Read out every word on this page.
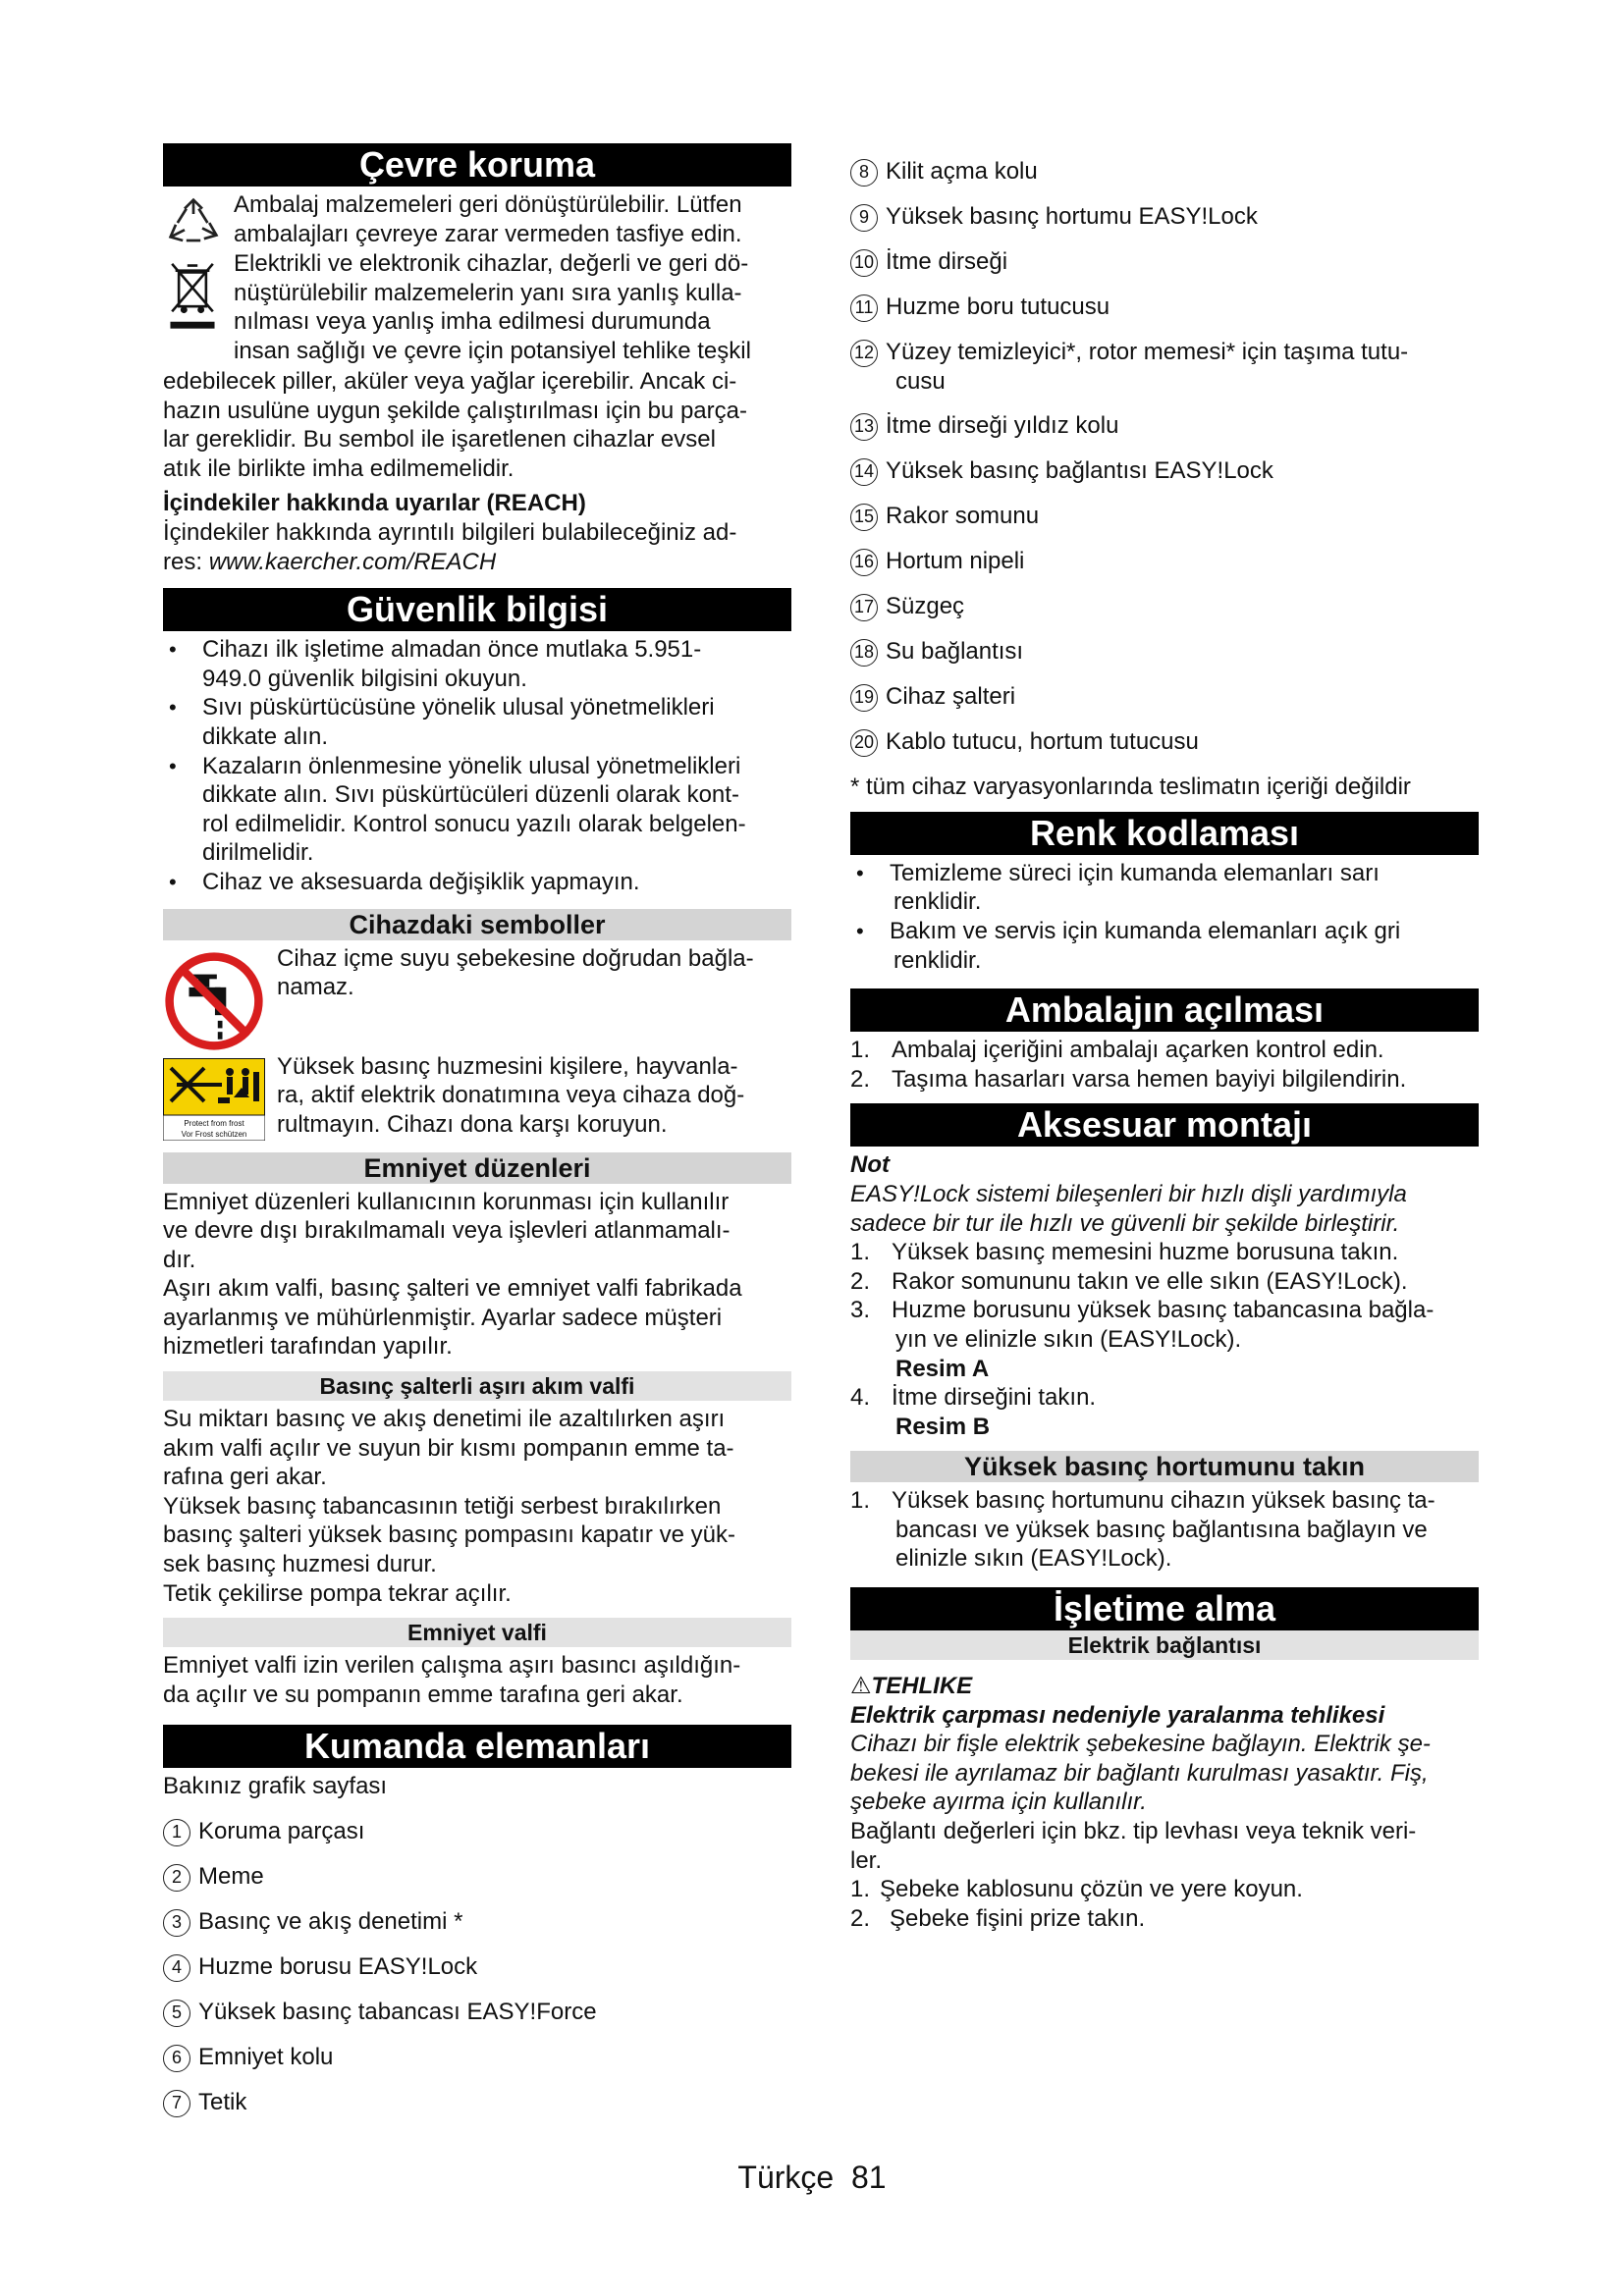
Çevre koruma

Ambalaj malzemeleri geri dönüştürülebilir. Lütfen

ambalajları çevreye zarar vermeden tasfiye edin.

Elektrikli ve elektronik cihazlar, değerli ve geri dö-

nüştürülebilir malzemelerin yanı sıra yanlış kulla-

nılması veya yanlış imha edilmesi durumunda

insan sağlığı ve çevre için potansiyel tehlike teşkil

edebilecek piller, aküler veya yağlar içerebilir. Ancak ci-

hazın usulüne uygun şekilde çalıştırılması için bu parça-

lar gereklidir. Bu sembol ile işaretlenen cihazlar evsel

atık ile birlikte imha edilmemelidir.

İçindekiler hakkında uyarılar (REACH)

İçindekiler hakkında ayrıntılı bilgileri bulabileceğiniz ad-

res: www.kaercher.com/REACH

Güvenlik bilgisi
• Cihazı ilk işletime almadan önce mutlaka 5.951-
949.0 güvenlik bilgisini okuyun.
• Sıvı püskürtücüsüne yönelik ulusal yönetmelikleri
dikkate alın.
• Kazaların önlenmesine yönelik ulusal yönetmelikleri
dikkate alın. Sıvı püskürtücüleri düzenli olarak kont-
rol edilmelidir. Kontrol sonucu yazılı olarak belgelen-
dirilmelidir.
• Cihaz ve aksesuarda değişiklik yapmayın.
Cihazdaki semboller

Cihaz içme suyu şebekesine doğrudan bağla-

namaz.

Protect from frost
Vor Frost schützen

Yüksek basınç huzmesini kişilere, hayvanla-

ra, aktif elektrik donatımına veya cihaza doğ-

rultmayın. Cihazı dona karşı koruyun.

Emniyet düzenleri

Emniyet düzenleri kullanıcının korunması için kullanılır

ve devre dışı bırakılmamalı veya işlevleri atlanmamalı-

dır.

Aşırı akım valfi, basınç şalteri ve emniyet valfi fabrikada

ayarlanmış ve mühürlenmiştir. Ayarlar sadece müşteri

hizmetleri tarafından yapılır.

Basınç şalterli aşırı akım valfi

Su miktarı basınç ve akış denetimi ile azaltılırken aşırı

akım valfi açılır ve suyun bir kısmı pompanın emme ta-

rafına geri akar.

Yüksek basınç tabancasının tetiği serbest bırakılırken

basınç şalteri yüksek basınç pompasını kapatır ve yük-

sek basınç huzmesi durur.

Tetik çekilirse pompa tekrar açılır.

Emniyet valfi

Emniyet valfi izin verilen çalışma aşırı basıncı aşıldığın-

da açılır ve su pompanın emme tarafına geri akar.

Kumanda elemanları

Bakınız grafik sayfası

1 Koruma parçası
2 Meme
3 Basınç ve akış denetimi *
4 Huzme borusu EASY!Lock
5 Yüksek basınç tabancası EASY!Force
6 Emniyet kolu
7 Tetik
8 Kilit açma kolu
9 Yüksek basınç hortumu EASY!Lock
10 İtme dirseği
11 Huzme boru tutucusu
12 Yüzey temizleyici*, rotor memesi* için taşıma tutu-
cusu
13 İtme dirseği yıldız kolu
14 Yüksek basınç bağlantısı EASY!Lock
15 Rakor somunu
16 Hortum nipeli
17 Süzgeç
18 Su bağlantısı
19 Cihaz şalteri
20 Kablo tutucu, hortum tutucusu

* tüm cihaz varyasyonlarında teslimatın içeriği değildir

Renk kodlaması
• Temizleme süreci için kumanda elemanları sarı
renklidir.
• Bakım ve servis için kumanda elemanları açık gri
renklidir.
Ambalajın açılması
1. Ambalaj içeriğini ambalajı açarken kontrol edin.
2. Taşıma hasarları varsa hemen bayiyi bilgilendirin.
Aksesuar montajı

Not

EASY!Lock sistemi bileşenleri bir hızlı dişli yardımıyla

sadece bir tur ile hızlı ve güvenli bir şekilde birleştirir.

1. Yüksek basınç memesini huzme borusuna takın.
2. Rakor somununu takın ve elle sıkın (EASY!Lock).
3. Huzme borusunu yüksek basınç tabancasına bağla-
yın ve elinizle sıkın (EASY!Lock).
Resim A
4. İtme dirseğini takın.
Resim B
Yüksek basınç hortumunu takın
1. Yüksek basınç hortumunu cihazın yüksek basınç ta-
bancası ve yüksek basınç bağlantısına bağlayın ve
elinizle sıkın (EASY!Lock).
İşletime alma
Elektrik bağlantısı

⚠TEHLIKE

Elektrik çarpması nedeniyle yaralanma tehlikesi

Cihazı bir fişle elektrik şebekesine bağlayın. Elektrik şe-

bekesi ile ayrılamaz bir bağlantı kurulması yasaktır. Fiş,

şebeke ayırma için kullanılır.

Bağlantı değerleri için bkz. tip levhası veya teknik veri-

ler.

1. Şebeke kablosunu çözün ve yere koyun.
2. Şebeke fişini prize takın.
Türkçe  81
